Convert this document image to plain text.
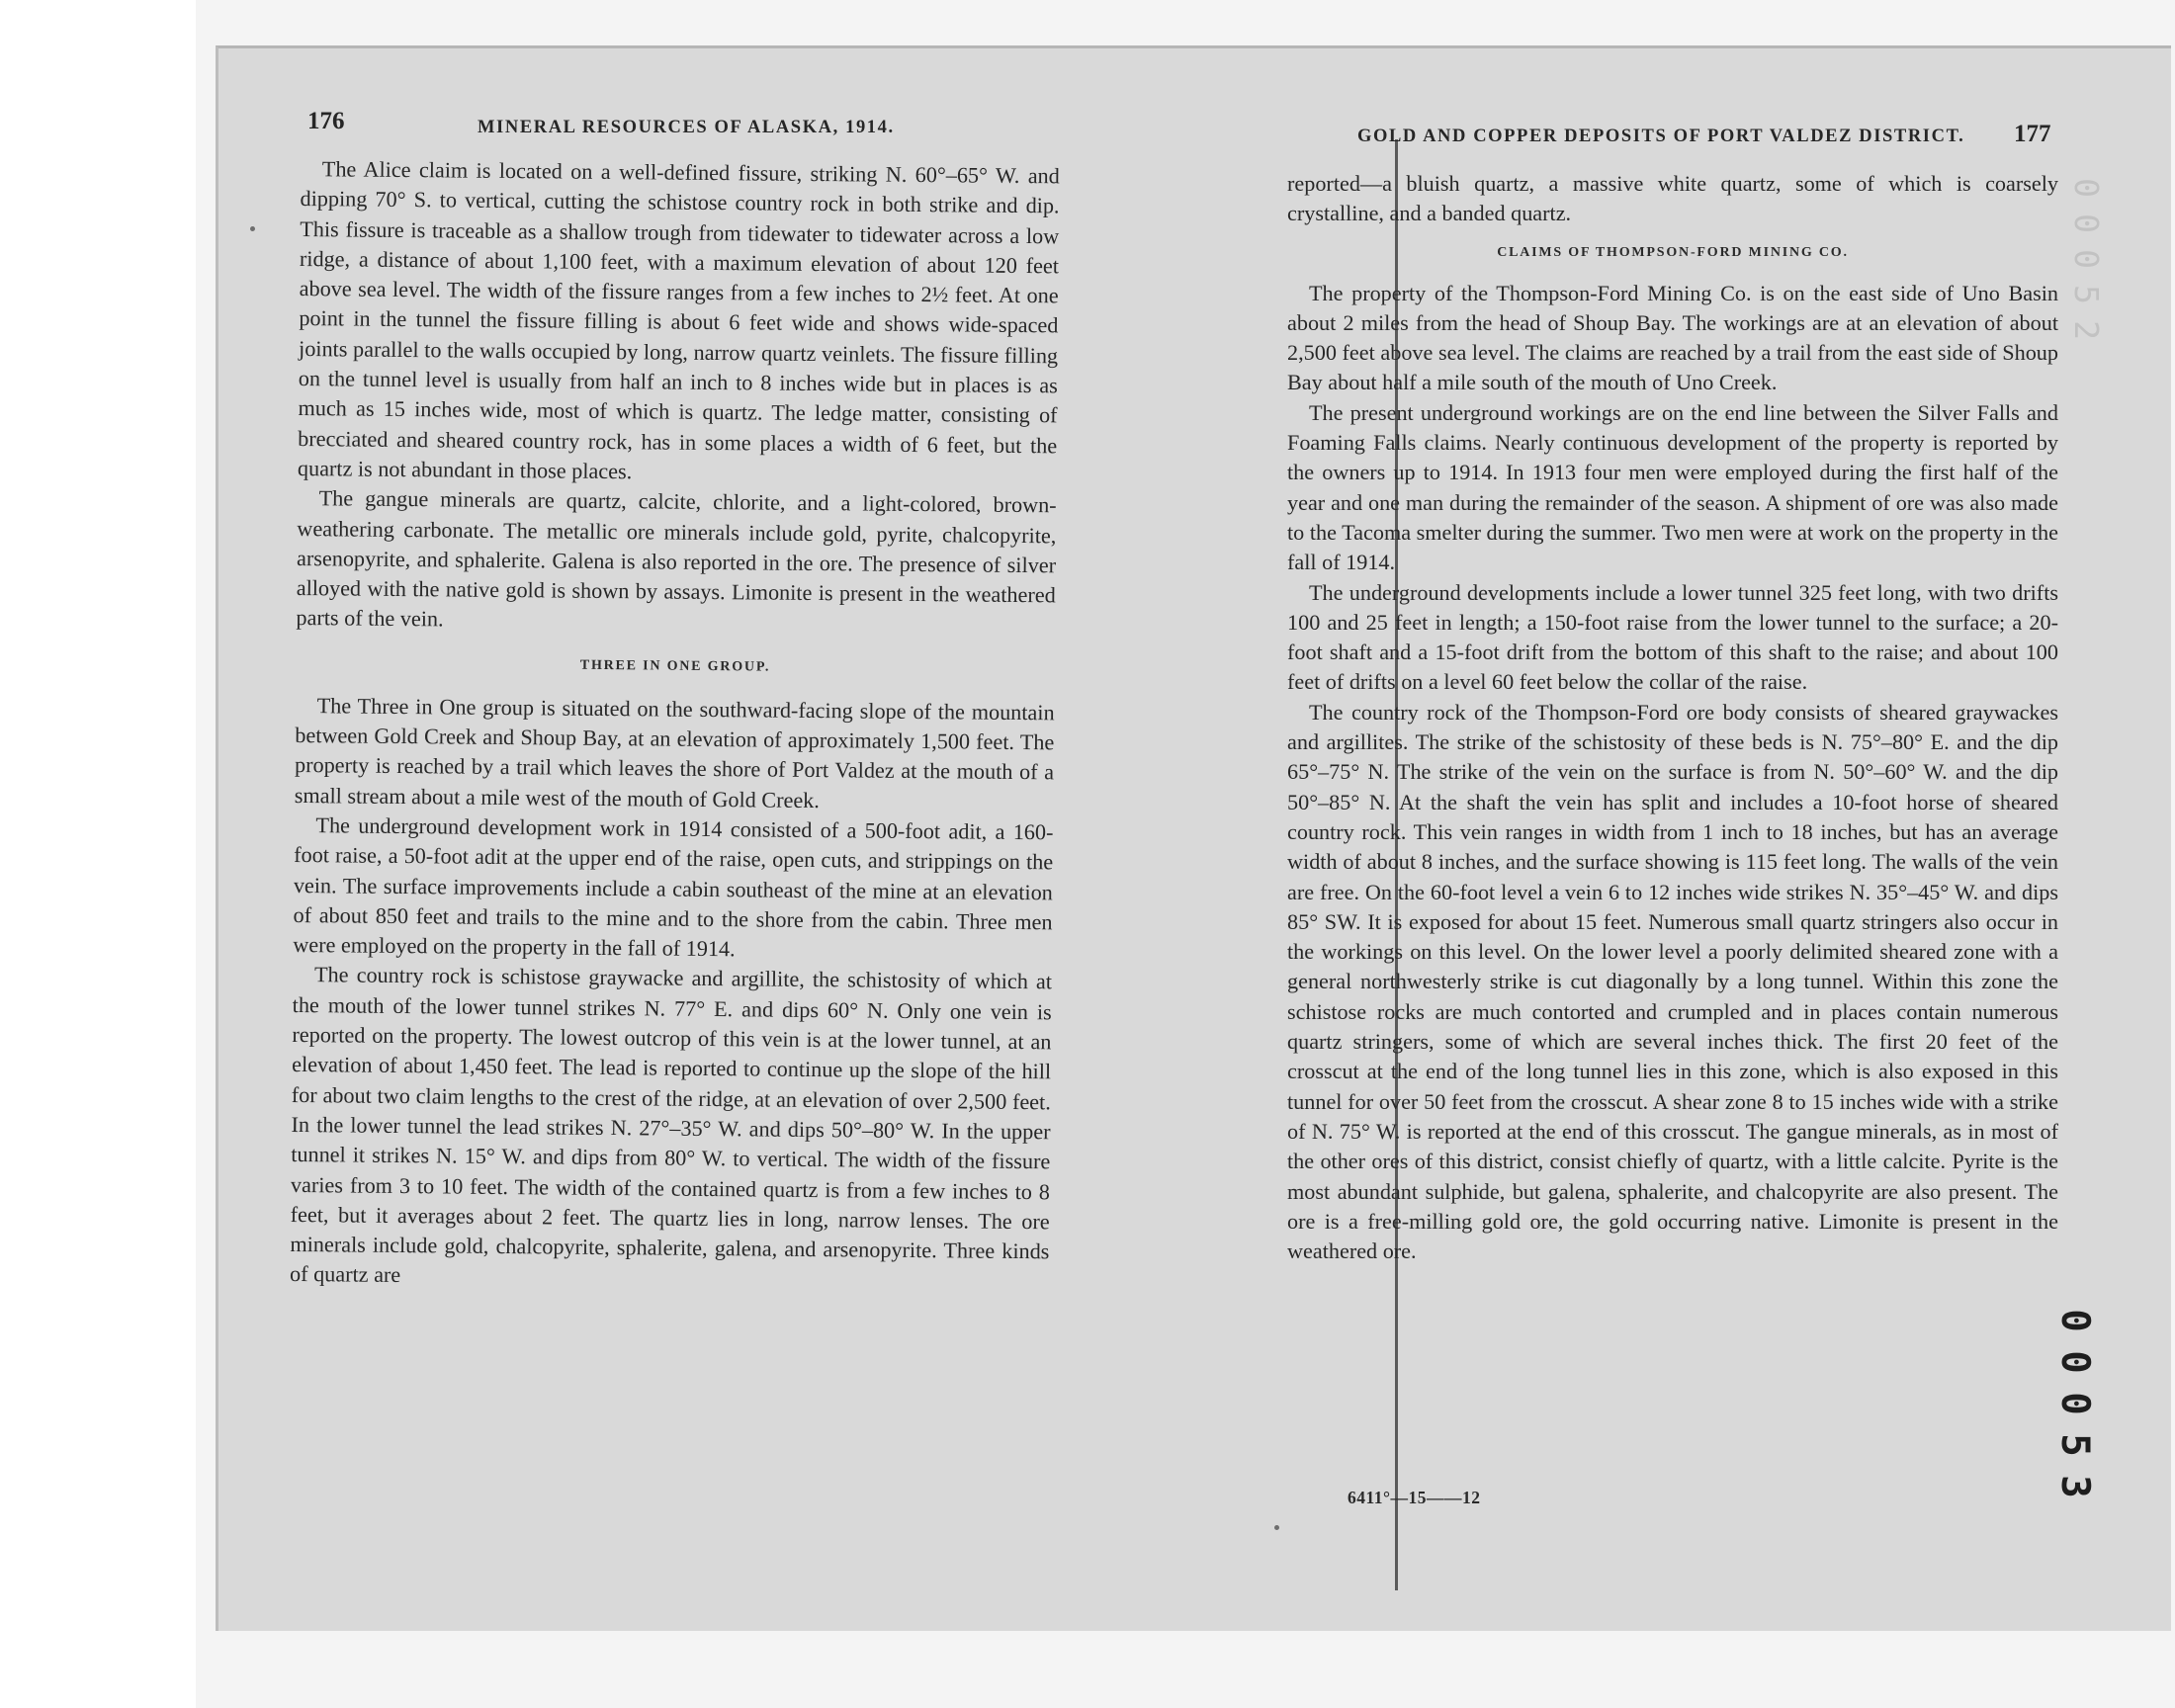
176	MINERAL RESOURCES OF ALASKA, 1914.	GOLD AND COPPER DEPOSITS OF PORT VALDEZ DISTRICT. 177

The Alice claim is located on a well-defined fissure, striking N. 60°–65° W. and dipping 70° S. to vertical, cutting the schistose country rock in both strike and dip. This fissure is traceable as a shallow trough from tidewater to tidewater across a low ridge, a distance of about 1,100 feet, with a maximum elevation of about 120 feet above sea level. The width of the fissure ranges from a few inches to 2½ feet. At one point in the tunnel the fissure filling is about 6 feet wide and shows wide-spaced joints parallel to the walls occupied by long, narrow quartz veinlets. The fissure filling on the tunnel level is usually from half an inch to 8 inches wide but in places is as much as 15 inches wide, most of which is quartz. The ledge matter, consisting of brecciated and sheared country rock, has in some places a width of 6 feet, but the quartz is not abundant in those places.

The gangue minerals are quartz, calcite, chlorite, and a light-colored, brown-weathering carbonate. The metallic ore minerals include gold, pyrite, chalcopyrite, arsenopyrite, and sphalerite. Galena is also reported in the ore. The presence of silver alloyed with the native gold is shown by assays. Limonite is present in the weathered parts of the vein.

THREE IN ONE GROUP.

The Three in One group is situated on the southward-facing slope of the mountain between Gold Creek and Shoup Bay, at an elevation of approximately 1,500 feet. The property is reached by a trail which leaves the shore of Port Valdez at the mouth of a small stream about a mile west of the mouth of Gold Creek.

The underground development work in 1914 consisted of a 500-foot adit, a 160-foot raise, a 50-foot adit at the upper end of the raise, open cuts, and strippings on the vein. The surface improvements include a cabin southeast of the mine at an elevation of about 850 feet and trails to the mine and to the shore from the cabin. Three men were employed on the property in the fall of 1914.

The country rock is schistose graywacke and argillite, the schistosity of which at the mouth of the lower tunnel strikes N. 77° E. and dips 60° N. Only one vein is reported on the property. The lowest outcrop of this vein is at the lower tunnel, at an elevation of about 1,450 feet. The lead is reported to continue up the slope of the hill for about two claim lengths to the crest of the ridge, at an elevation of over 2,500 feet. In the lower tunnel the lead strikes N. 27°–35° W. and dips 50°–80° W. In the upper tunnel it strikes N. 15° W. and dips from 80° W. to vertical. The width of the fissure varies from 3 to 10 feet. The width of the contained quartz is from a few inches to 8 feet, but it averages about 2 feet. The quartz lies in long, narrow lenses. The ore minerals include gold, chalcopyrite, sphalerite, galena, and arsenopyrite. Three kinds of quartz are

reported—a bluish quartz, a massive white quartz, some of which is coarsely crystalline, and a banded quartz.

CLAIMS OF THOMPSON-FORD MINING CO.

The property of the Thompson-Ford Mining Co. is on the east side of Uno Basin about 2 miles from the head of Shoup Bay. The workings are at an elevation of about 2,500 feet above sea level. The claims are reached by a trail from the east side of Shoup Bay about half a mile south of the mouth of Uno Creek.

The present underground workings are on the end line between the Silver Falls and Foaming Falls claims. Nearly continuous development of the property is reported by the owners up to 1914. In 1913 four men were employed during the first half of the year and one man during the remainder of the season. A shipment of ore was also made to the Tacoma smelter during the summer. Two men were at work on the property in the fall of 1914.

The underground developments include a lower tunnel 325 feet long, with two drifts 100 and 25 feet in length; a 150-foot raise from the lower tunnel to the surface; a 20-foot shaft and a 15-foot drift from the bottom of this shaft to the raise; and about 100 feet of drifts on a level 60 feet below the collar of the raise.

The country rock of the Thompson-Ford ore body consists of sheared graywackes and argillites. The strike of the schistosity of these beds is N. 75°–80° E. and the dip 65°–75° N. The strike of the vein on the surface is from N. 50°–60° W. and the dip 50°–85° N. At the shaft the vein has split and includes a 10-foot horse of sheared country rock. This vein ranges in width from 1 inch to 18 inches, but has an average width of about 8 inches, and the surface showing is 115 feet long. The walls of the vein are free. On the 60-foot level a vein 6 to 12 inches wide strikes N. 35°–45° W. and dips 85° SW. It is exposed for about 15 feet. Numerous small quartz stringers also occur in the workings on this level. On the lower level a poorly delimited sheared zone with a general northwesterly strike is cut diagonally by a long tunnel. Within this zone the schistose rocks are much contorted and crumpled and in places contain numerous quartz stringers, some of which are several inches thick. The first 20 feet of the crosscut at the end of the long tunnel lies in this zone, which is also exposed in this tunnel for over 50 feet from the crosscut. A shear zone 8 to 15 inches wide with a strike of N. 75° W. is reported at the end of this crosscut. The gangue minerals, as in most of the other ores of this district, consist chiefly of quartz, with a little calcite. Pyrite is the most abundant sulphide, but galena, sphalerite, and chalcopyrite are also present. The ore is a free-milling gold ore, the gold occurring native. Limonite is present in the weathered ore.

6411°—15——12
0
0
0
5
2
0
0
0
5
3
